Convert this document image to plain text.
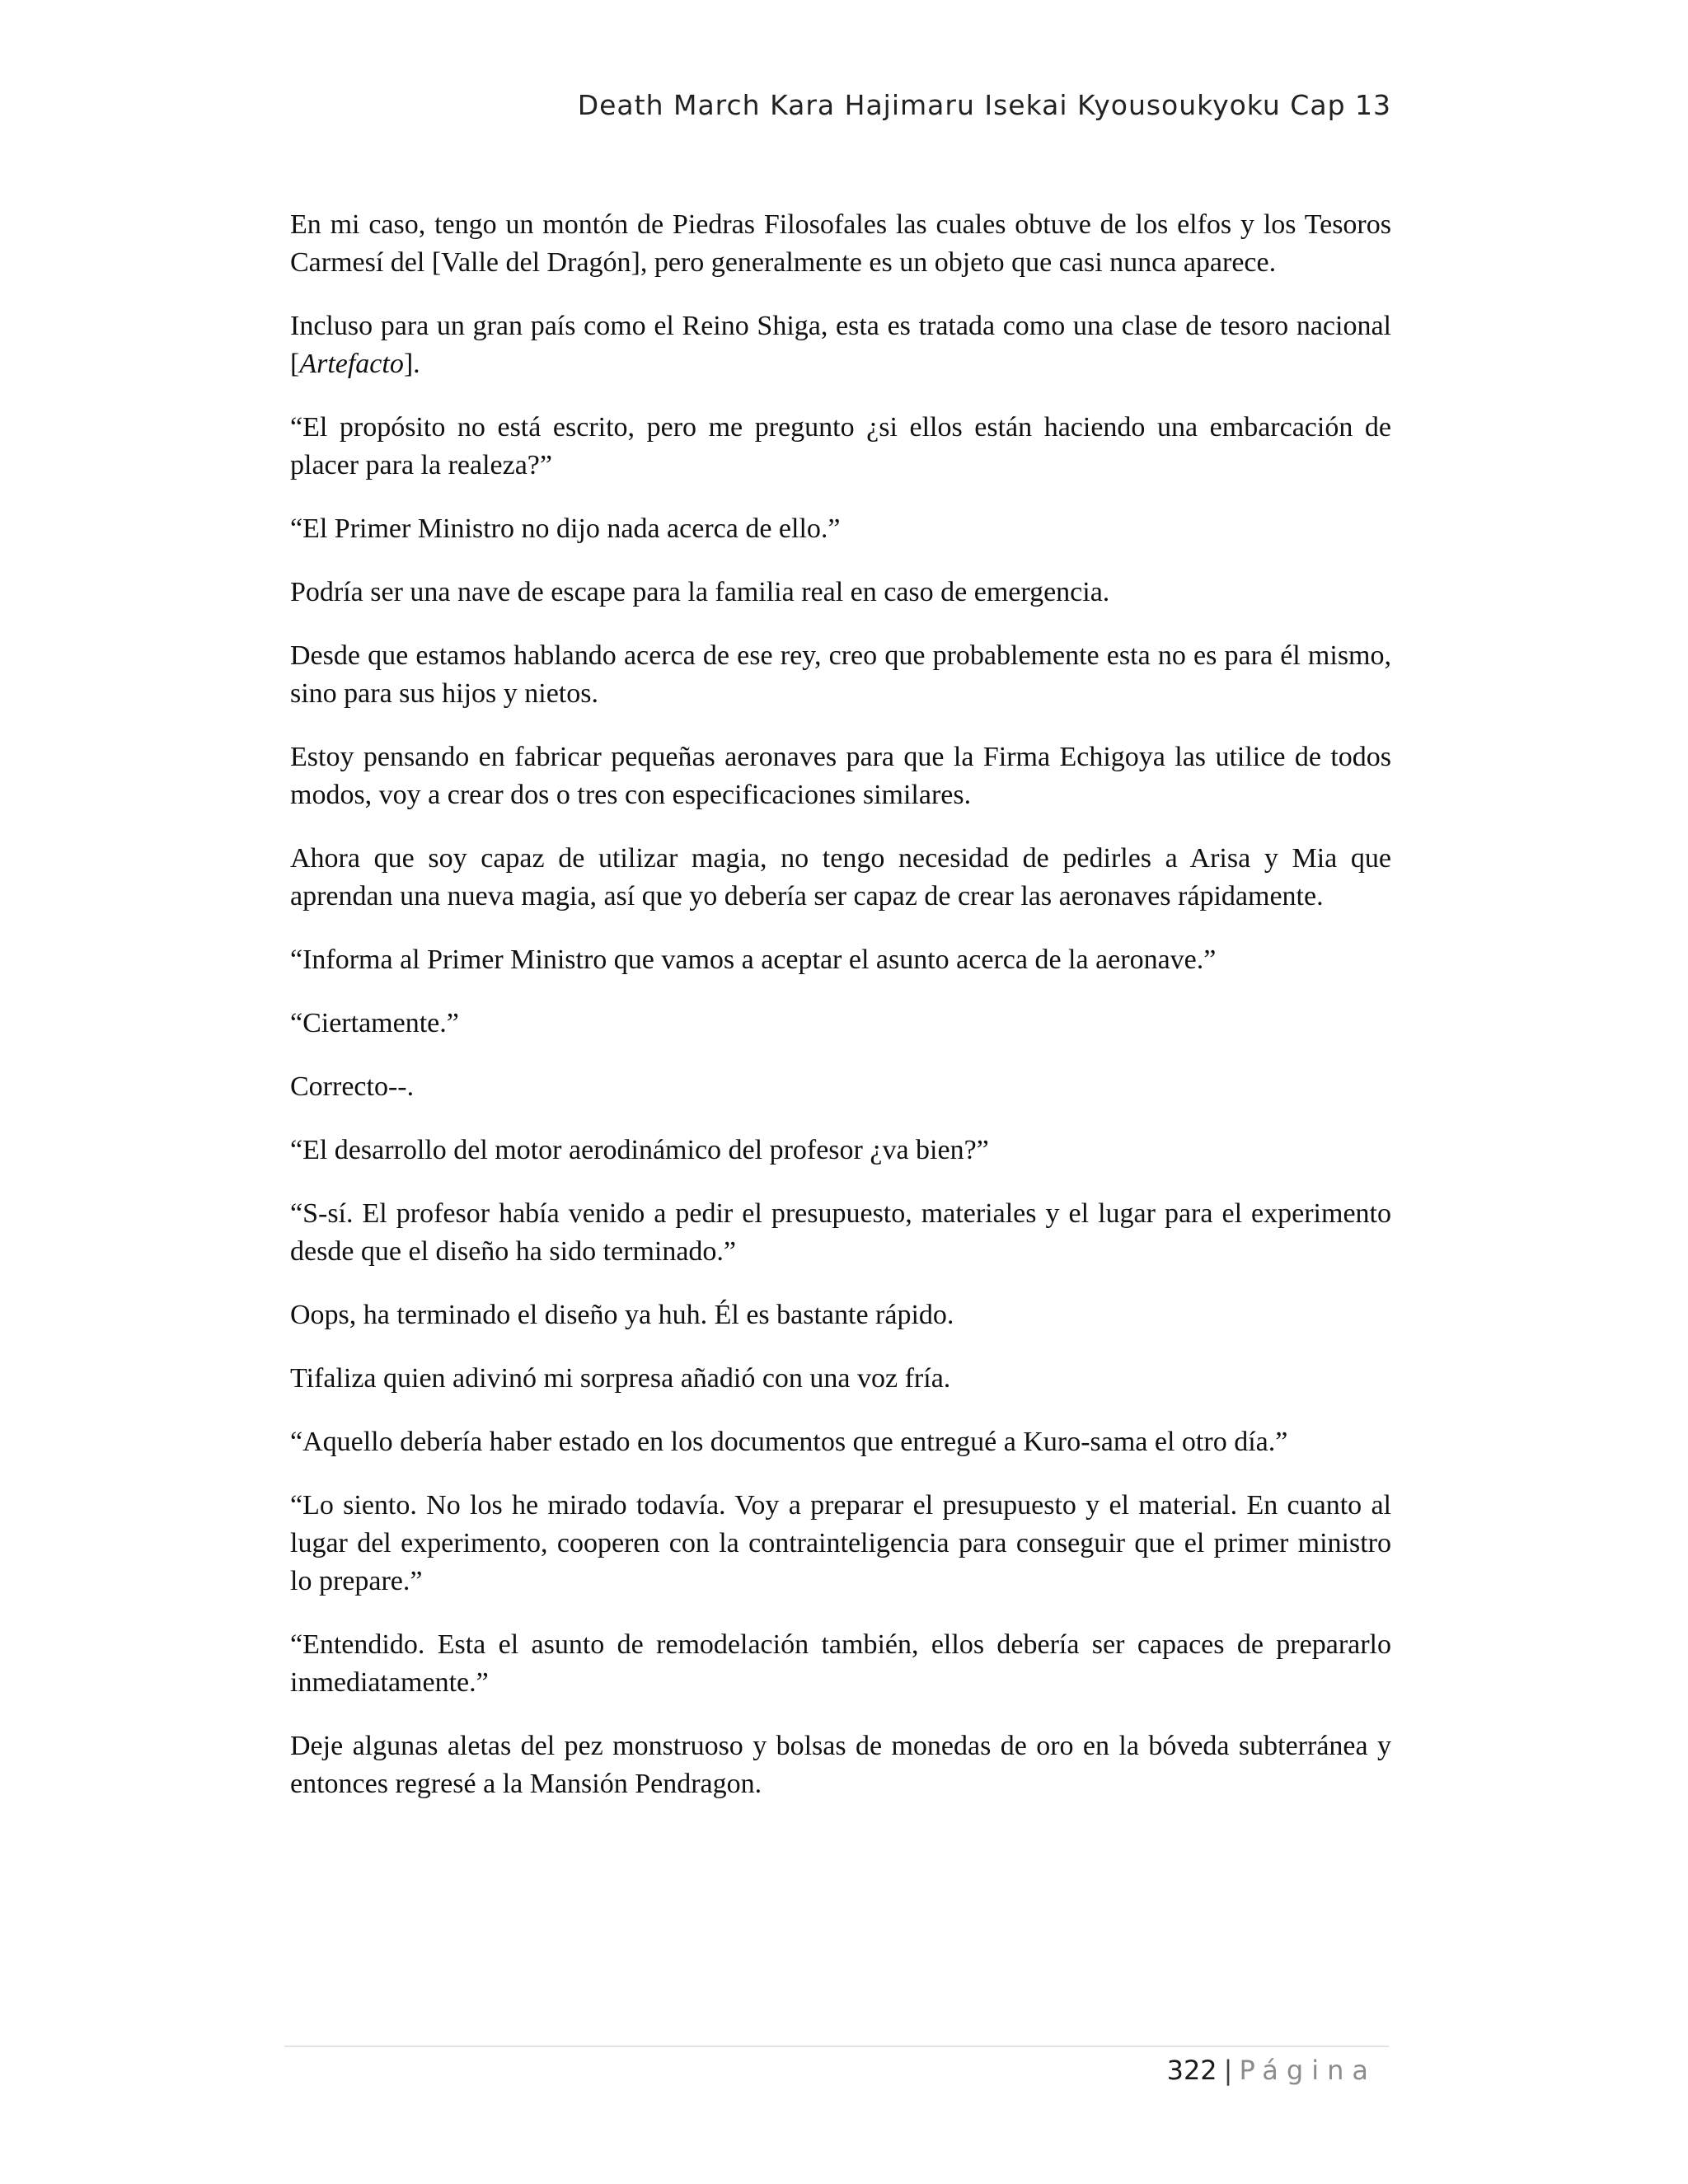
Death March Kara Hajimaru Isekai Kyousoukyoku Cap 13

En mi caso, tengo un montón de Piedras Filosofales las cuales obtuve de los elfos y los Tesoros Carmesí del [Valle del Dragón], pero generalmente es un objeto que casi nunca aparece.

Incluso para un gran país como el Reino Shiga, esta es tratada como una clase de tesoro nacional [Artefacto].

“El propósito no está escrito, pero me pregunto ¿si ellos están haciendo una embarcación de placer para la realeza?”

“El Primer Ministro no dijo nada acerca de ello.”

Podría ser una nave de escape para la familia real en caso de emergencia.

Desde que estamos hablando acerca de ese rey, creo que probablemente esta no es para él mismo, sino para sus hijos y nietos.

Estoy pensando en fabricar pequeñas aeronaves para que la Firma Echigoya las utilice de todos modos, voy a crear dos o tres con especificaciones similares.

Ahora que soy capaz de utilizar magia, no tengo necesidad de pedirles a Arisa y Mia que aprendan una nueva magia, así que yo debería ser capaz de crear las aeronaves rápidamente.

“Informa al Primer Ministro que vamos a aceptar el asunto acerca de la aeronave.”

“Ciertamente.”

Correcto--.

“El desarrollo del motor aerodinámico del profesor ¿va bien?”

“S-sí. El profesor había venido a pedir el presupuesto, materiales y el lugar para el experimento desde que el diseño ha sido terminado.”

Oops, ha terminado el diseño ya huh. Él es bastante rápido.

Tifaliza quien adivinó mi sorpresa añadió con una voz fría.

“Aquello debería haber estado en los documentos que entregué a Kuro-sama el otro día.”

“Lo siento. No los he mirado todavía. Voy a preparar el presupuesto y el material. En cuanto al lugar del experimento, cooperen con la contrainteligencia para conseguir que el primer ministro lo prepare.”

“Entendido. Esta el asunto de remodelación también, ellos debería ser capaces de prepararlo inmediatamente.”

Deje algunas aletas del pez monstruoso y bolsas de monedas de oro en la bóveda subterránea y entonces regresé a la Mansión Pendragon.

322 | Página
